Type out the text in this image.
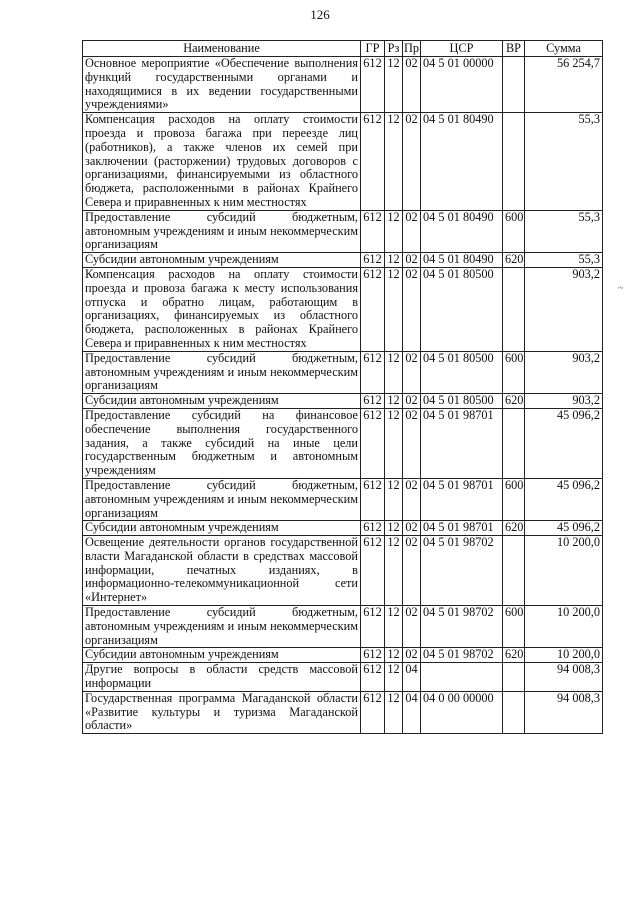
126
Наименование	ГР	Рз	Пр	ЦСР	ВР	Сумма
Основное мероприятие «Обеспечение выполнения функций государственными органами и находящимися в их ведении государственными учреждениями»	612	12	02	04 5 01 00000		56 254,7
Компенсация расходов на оплату стоимости проезда и провоза багажа при переезде лиц (работников), а также членов их семей при заключении (расторжении) трудовых договоров с организациями, финансируемыми из областного бюджета, расположенными в районах Крайнего Севера и приравненных к ним местностях	612	12	02	04 5 01 80490		55,3
Предоставление субсидий бюджетным, автономным учреждениям и иным некоммерческим организациям	612	12	02	04 5 01 80490	600	55,3
Субсидии автономным учреждениям	612	12	02	04 5 01 80490	620	55,3
Компенсация расходов на оплату стоимости проезда и провоза багажа к месту использования отпуска и обратно лицам, работающим в организациях, финансируемых из областного бюджета, расположенных в районах Крайнего Севера и приравненных к ним местностях	612	12	02	04 5 01 80500		903,2
Предоставление субсидий бюджетным, автономным учреждениям и иным некоммерческим организациям	612	12	02	04 5 01 80500	600	903,2
Субсидии автономным учреждениям	612	12	02	04 5 01 80500	620	903,2
Предоставление субсидий на финансовое обеспечение выполнения государственного задания, а также субсидий на иные цели государственным бюджетным и автономным учреждениям	612	12	02	04 5 01 98701		45 096,2
Предоставление субсидий бюджетным, автономным учреждениям и иным некоммерческим организациям	612	12	02	04 5 01 98701	600	45 096,2
Субсидии автономным учреждениям	612	12	02	04 5 01 98701	620	45 096,2
Освещение деятельности органов государственной власти Магаданской области в средствах массовой информации, печатных изданиях, в информационно-телекоммуникационной сети «Интернет»	612	12	02	04 5 01 98702		10 200,0
Предоставление субсидий бюджетным, автономным учреждениям и иным некоммерческим организациям	612	12	02	04 5 01 98702	600	10 200,0
Субсидии автономным учреждениям	612	12	02	04 5 01 98702	620	10 200,0
Другие вопросы в области средств массовой информации	612	12	04			94 008,3
Государственная программа Магаданской области «Развитие культуры и туризма Магаданской области»	612	12	04	04 0 00 00000		94 008,3
~
